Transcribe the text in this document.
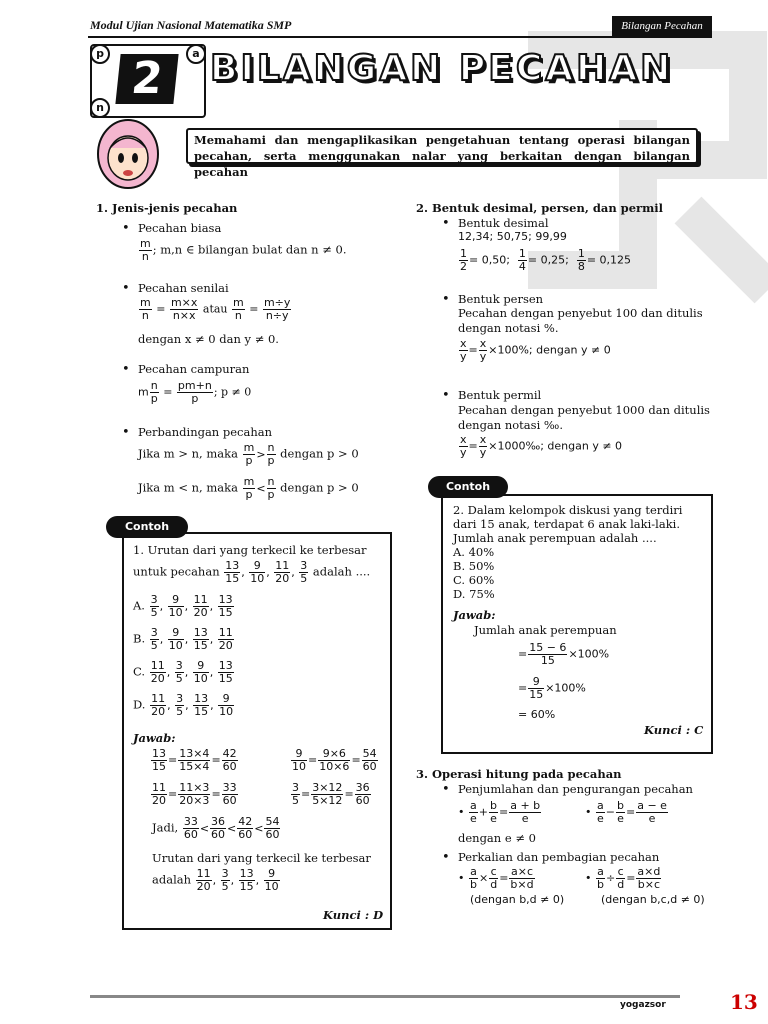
Modul Ujian Nasional Matematika SMP	Bilangan Pecahan
p	a
n
2	BILANGAN PECAHAN
Memahami dan mengaplikasikan pengetahuan tentang operasi bilangan pecahan, serta menggunakan nalar yang berkaitan dengan bilangan pecahan
1. Jenis-jenis pecahan
• Pecahan biasa
$\frac{m}{n}$ ; m,n ∈ bilangan bulat dan n ≠ 0.
• Pecahan senilai
$\frac{m}{n} = \frac{m\times x}{n\times x}$ atau $\frac{m}{n} = \frac{m\div y}{n\div y}$
dengan x ≠ 0 dan y ≠ 0.
• Pecahan campuran
m $\frac{n}{p} = \frac{pm+n}{p}$ ; p ≠ 0
• Perbandingan pecahan
Jika m > n, maka $\frac{m}{p} > \frac{n}{p}$ dengan p > 0
Jika m < n, maka $\frac{m}{p} < \frac{n}{p}$ dengan p > 0
Contoh
1. Urutan dari yang terkecil ke terbesar
untuk pecahan $\frac{13}{15}$ , $\frac{9}{10}$ , $\frac{11}{20}$ , $\frac{3}{5}$ adalah ....
A. $\frac{3}{5}$ , $\frac{9}{10}$ , $\frac{11}{20}$ , $\frac{13}{15}$
B. $\frac{3}{5}$ , $\frac{9}{10}$ , $\frac{13}{15}$ , $\frac{11}{20}$
C. $\frac{11}{20}$ , $\frac{3}{5}$ , $\frac{9}{10}$ , $\frac{13}{15}$
D. $\frac{11}{20}$ , $\frac{3}{5}$ , $\frac{13}{15}$ , $\frac{9}{10}$
Jawab:
$\frac{13}{15} = \frac{13\times 4}{15\times 4} = \frac{42}{60}$	$\frac{9}{10} = \frac{9\times 6}{10\times 6} = \frac{54}{60}$
$\frac{11}{20} = \frac{11\times 3}{20\times 3} = \frac{33}{60}$	$\frac{3}{5} = \frac{3\times 12}{5\times 12} = \frac{36}{60}$
Jadi, $\frac{33}{60} < \frac{36}{60} < \frac{42}{60} < \frac{54}{60}$
Urutan dari yang terkecil ke terbesar
adalah $\frac{11}{20}$ , $\frac{3}{5}$ , $\frac{13}{15}$ , $\frac{9}{10}$
Kunci : D
2. Bentuk desimal, persen, dan permil
• Bentuk desimal
12,34; 50,75; 99,99
$\frac{1}{2} = 0,50$; $\frac{1}{4} = 0,25$; $\frac{1}{8} = 0,125$
• Bentuk persen
Pecahan dengan penyebut 100 dan ditulis
dengan notasi %.
$\frac{x}{y} = \frac{x}{y} \times 100\%$; dengan y ≠ 0
• Bentuk permil
Pecahan dengan penyebut 1000 dan ditulis
dengan notasi ‰.
$\frac{x}{y} = \frac{x}{y}$ ×1000‰; dengan y ≠ 0
Contoh
2. Dalam kelompok diskusi yang terdiri
dari 15 anak, terdapat 6 anak laki-laki.
Jumlah anak perempuan adalah ....
A. 40%
B. 50%
C. 60%
D. 75%
Jawab:
Jumlah anak perempuan
= $\frac{15 - 6}{15} \times 100\%$
= $\frac{9}{15} \times 100\%$
= 60%
Kunci : C
3. Operasi hitung pada pecahan
• Penjumlahan dan pengurangan pecahan
• $\frac{a}{e} + \frac{b}{e} = \frac{a + b}{e}$	• $\frac{a}{e} - \frac{b}{e} = \frac{a - e}{e}$
dengan e ≠ 0
• Perkalian dan pembagian pecahan
• $\frac{a}{b} \times \frac{c}{d} = \frac{a\times c}{b\times d}$	• $\frac{a}{b} \div \frac{c}{d} = \frac{a\times d}{b\times c}$
(dengan b,d ≠ 0)	(dengan b,c,d ≠ 0)
yogazsor	13
